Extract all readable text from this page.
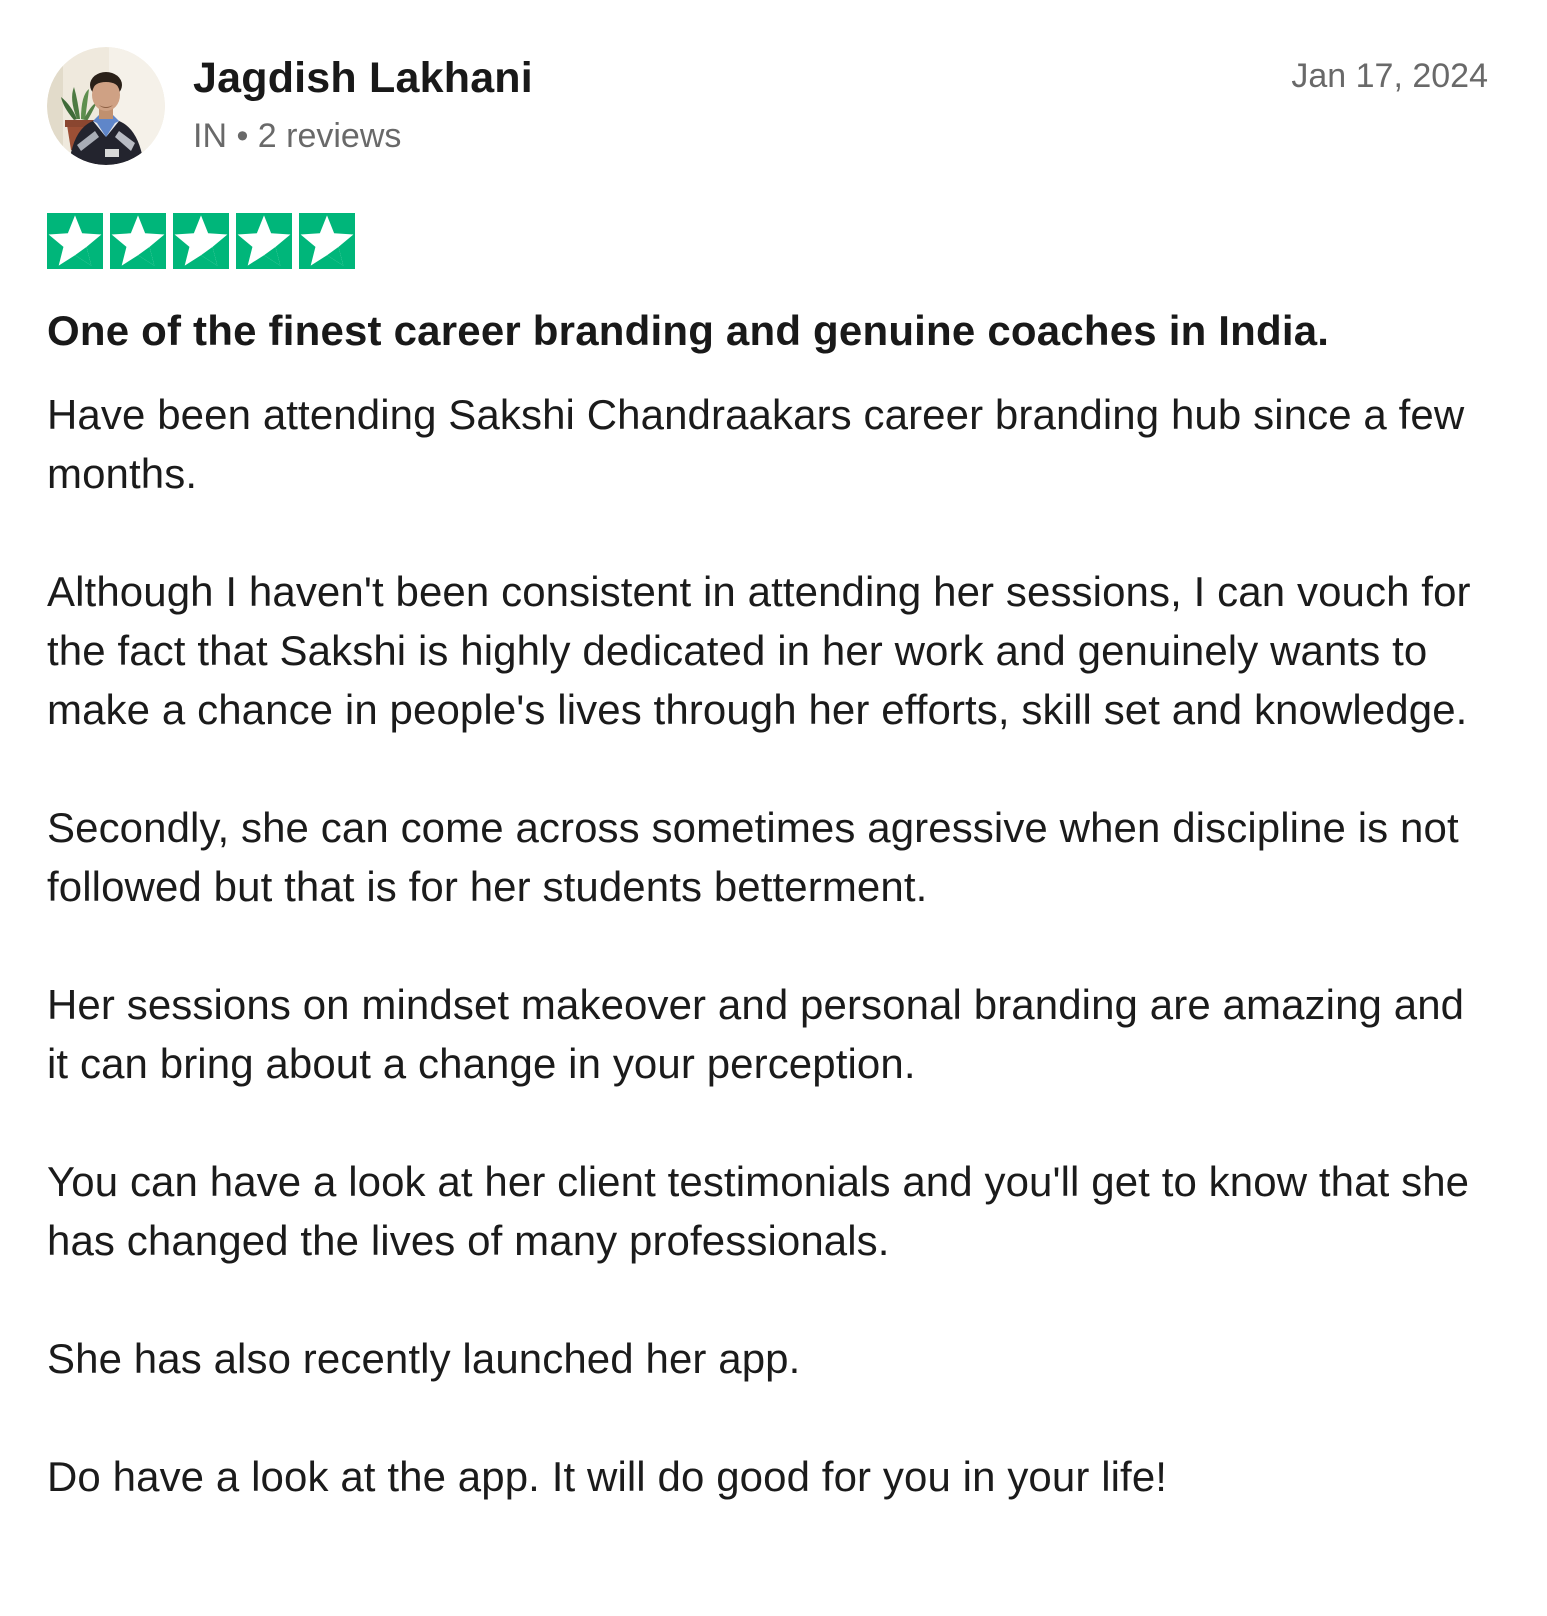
Jagdish Lakhani
IN • 2 reviews
Jan 17, 2024
One of the finest career branding and genuine coaches in India.

Have been attending Sakshi Chandraakars career branding hub since a few months.

Although I haven't been consistent in attending her sessions, I can vouch for the fact that Sakshi is highly dedicated in her work and genuinely wants to make a chance in people's lives through her efforts, skill set and knowledge.

Secondly, she can come across sometimes agressive when discipline is not followed but that is for her students betterment.

Her sessions on mindset makeover and personal branding are amazing and it can bring about a change in your perception.

You can have a look at her client testimonials and you'll get to know that she has changed the lives of many professionals.

She has also recently launched her app.

Do have a look at the app. It will do good for you in your life!
